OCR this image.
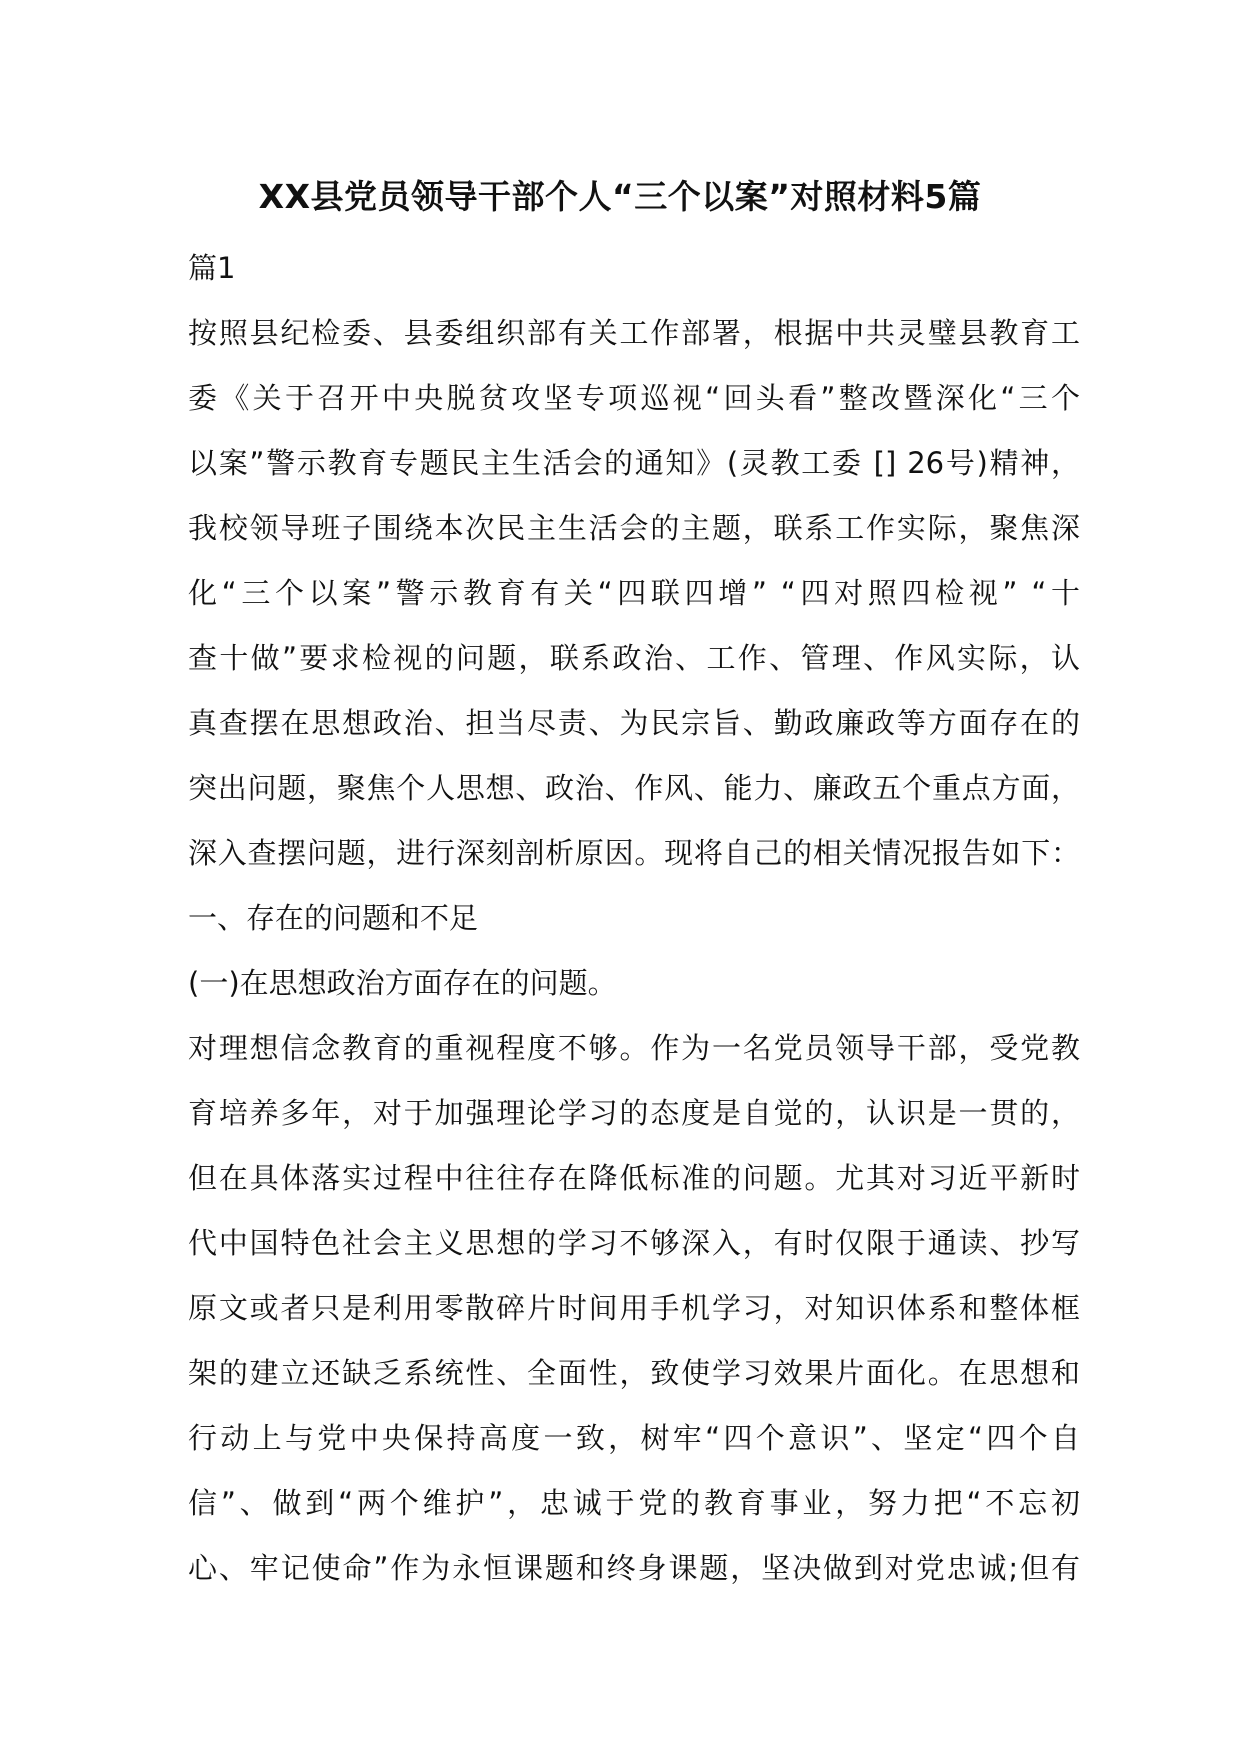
XX县党员领导干部个人“三个以案”对照材料5篇
篇1
按照县纪检委、县委组织部有关工作部署，根据中共灵璧县教育工
委《关于召开中央脱贫攻坚专项巡视“回头看”整改暨深化“三个
以案”警示教育专题民主生活会的通知》(灵教工委 [] 26号)精神，
我校领导班子围绕本次民主生活会的主题，联系工作实际，聚焦深
化“三个以案”警示教育有关“四联四增” “四对照四检视” “十
查十做”要求检视的问题，联系政治、工作、管理、作风实际，认
真查摆在思想政治、担当尽责、为民宗旨、勤政廉政等方面存在的
突出问题，聚焦个人思想、政治、作风、能力、廉政五个重点方面，
深入查摆问题，进行深刻剖析原因。现将自己的相关情况报告如下：
一、存在的问题和不足
(一)在思想政治方面存在的问题。
对理想信念教育的重视程度不够。作为一名党员领导干部，受党教
育培养多年，对于加强理论学习的态度是自觉的，认识是一贯的，
但在具体落实过程中往往存在降低标准的问题。尤其对习近平新时
代中国特色社会主义思想的学习不够深入，有时仅限于通读、抄写
原文或者只是利用零散碎片时间用手机学习，对知识体系和整体框
架的建立还缺乏系统性、全面性，致使学习效果片面化。在思想和
行动上与党中央保持高度一致，树牢“四个意识”、坚定“四个自
信”、做到“两个维护”，忠诚于党的教育事业，努力把“不忘初
心、牢记使命”作为永恒课题和终身课题，坚决做到对党忠诚;但有
